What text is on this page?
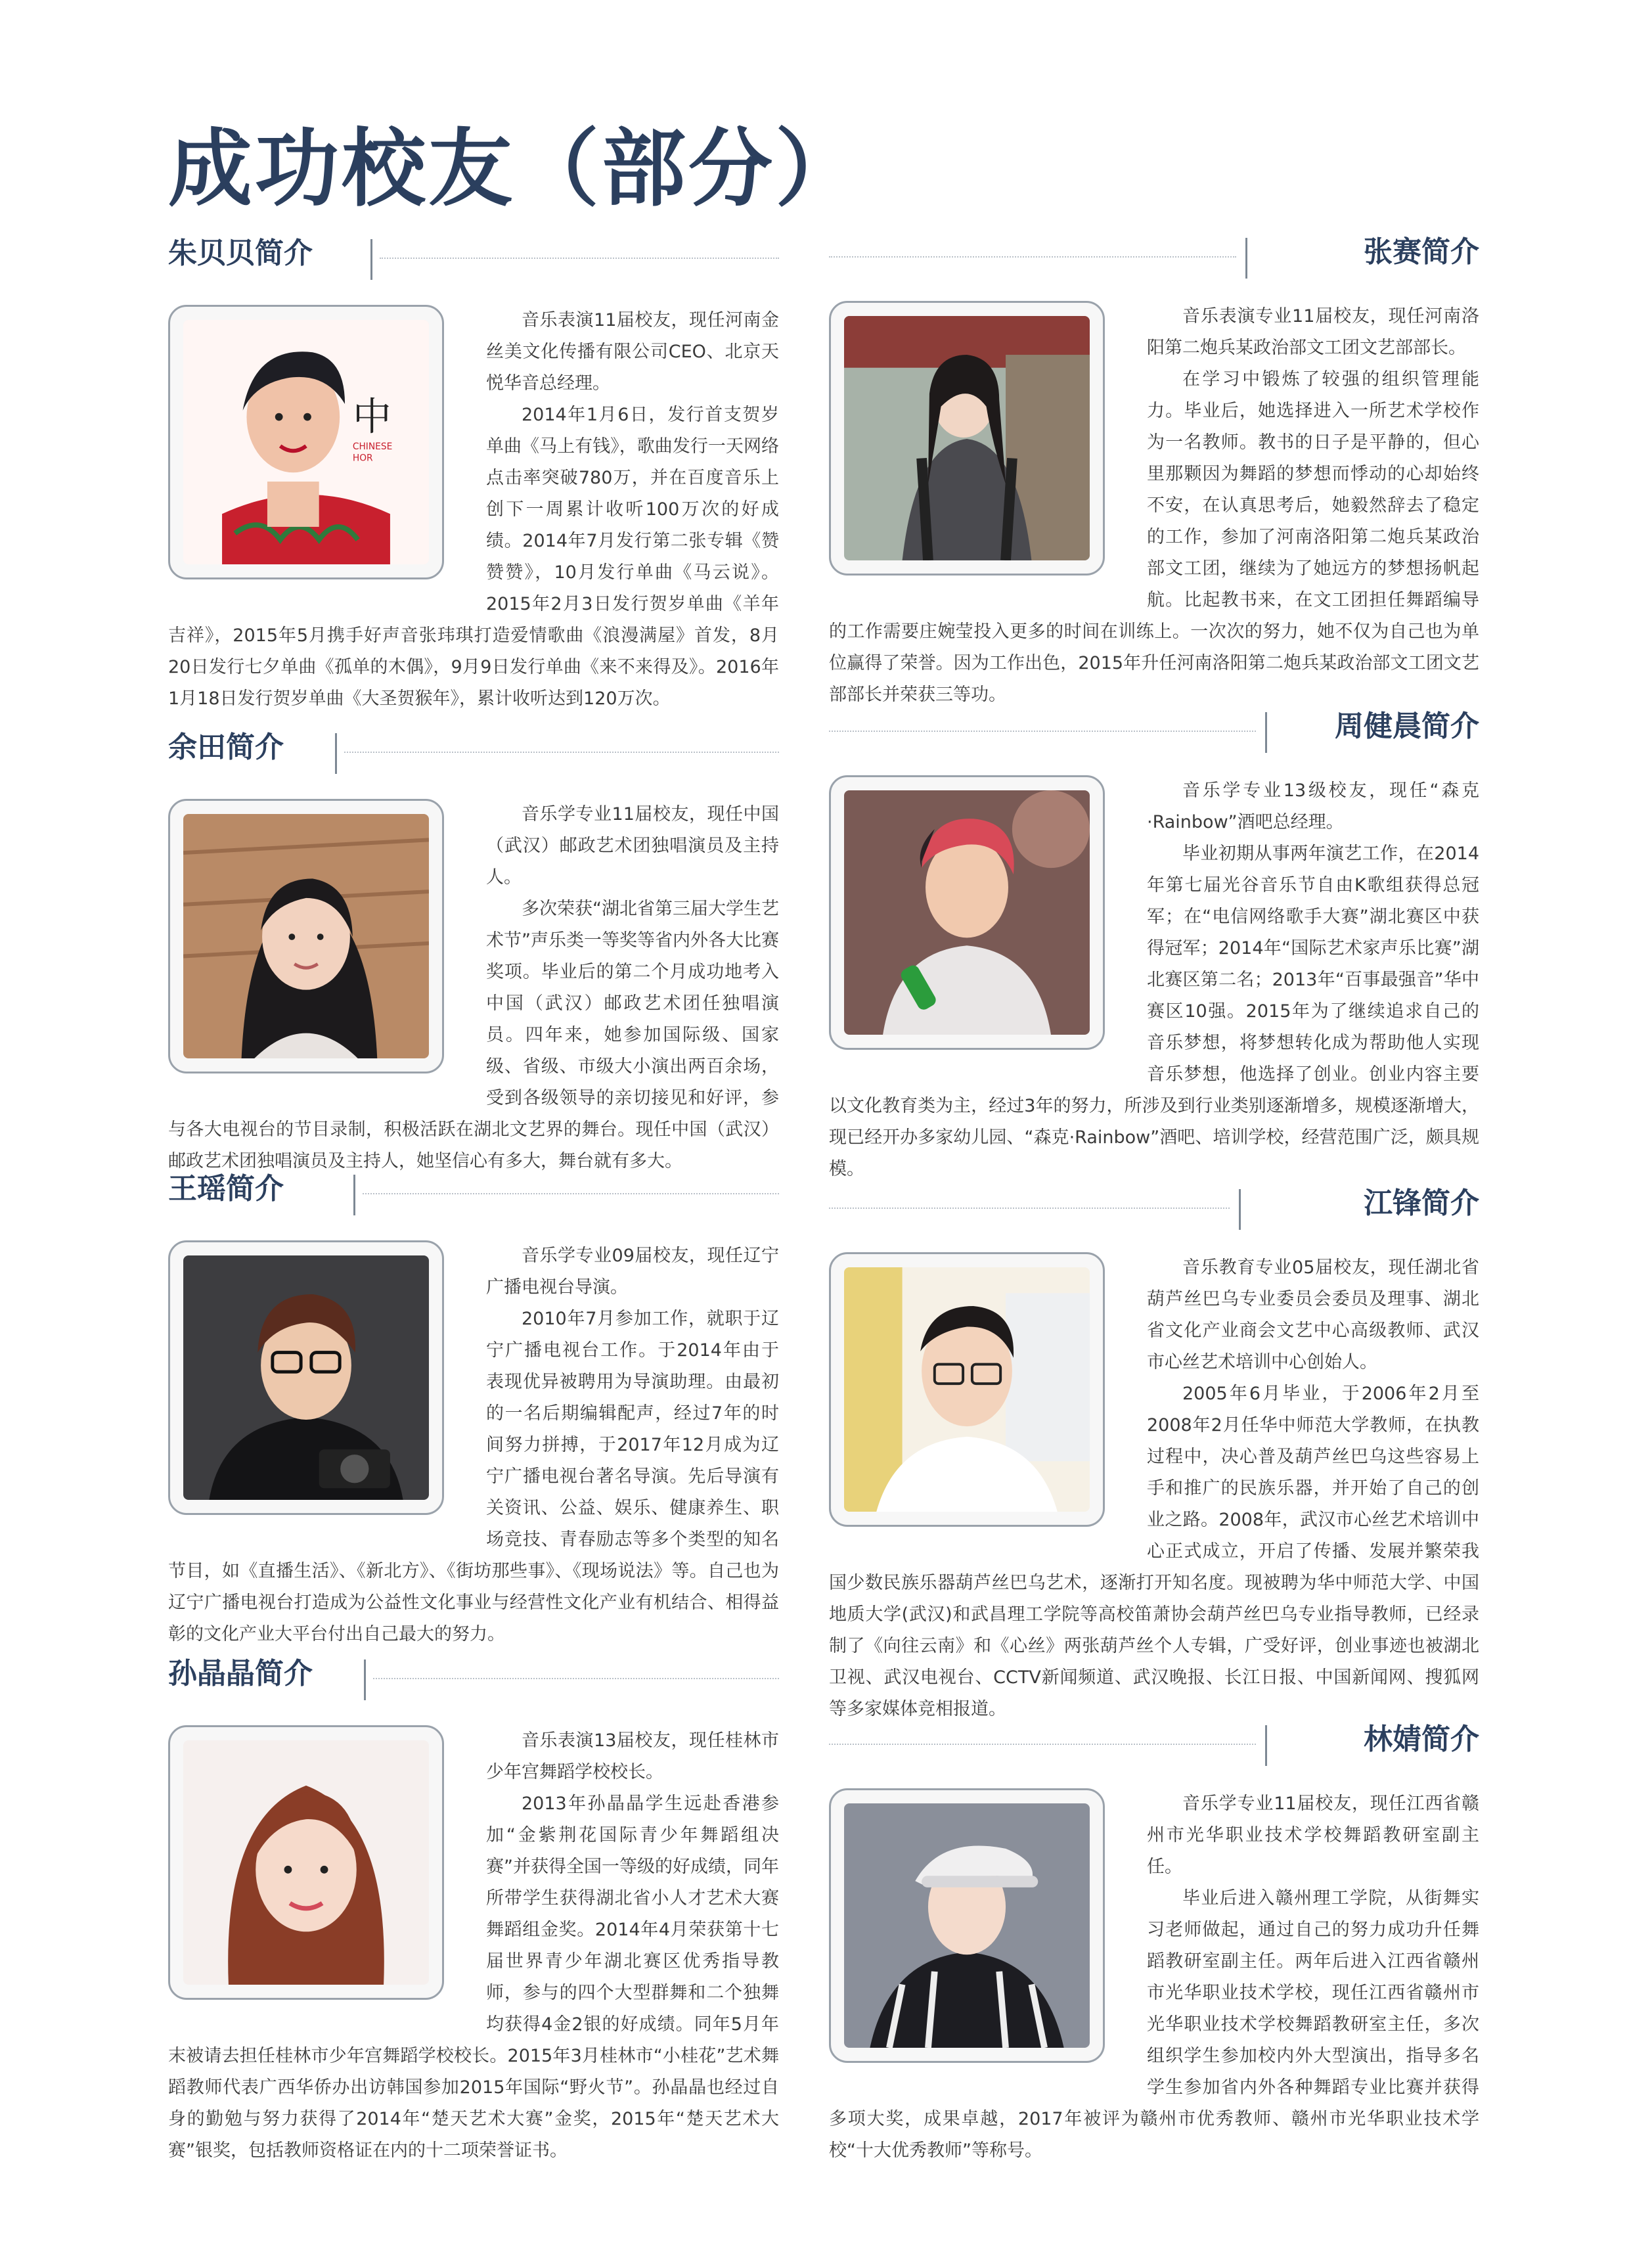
成功校友（部分）
朱贝贝简介
中
CHINESE
HOR

音乐表演11届校友，现任河南金丝美文化传播有限公司CEO、北京天悦华音总经理。

2014年1月6日，发行首支贺岁单曲《马上有钱》，歌曲发行一天网络点击率突破780万，并在百度音乐上创下一周累计收听100万次的好成绩。2014年7月发行第二张专辑《赞赞赞》，10月发行单曲《马云说》。2015年2月3日发行贺岁单曲《羊年吉祥》，2015年5月携手好声音张玮琪打造爱情歌曲《浪漫满屋》首发，8月20日发行七夕单曲《孤单的木偶》，9月9日发行单曲《来不来得及》。2016年1月18日发行贺岁单曲《大圣贺猴年》，累计收听达到120万次。

余田简介

音乐学专业11届校友，现任中国（武汉）邮政艺术团独唱演员及主持人。

多次荣获“湖北省第三届大学生艺术节”声乐类一等奖等省内外各大比赛奖项。毕业后的第二个月成功地考入中国（武汉）邮政艺术团任独唱演员。四年来，她参加国际级、国家级、省级、市级大小演出两百余场，受到各级领导的亲切接见和好评，参与各大电视台的节目录制，积极活跃在湖北文艺界的舞台。现任中国（武汉）邮政艺术团独唱演员及主持人，她坚信心有多大，舞台就有多大。

王瑶简介

音乐学专业09届校友，现任辽宁广播电视台导演。

2010年7月参加工作，就职于辽宁广播电视台工作。于2014年由于表现优异被聘用为导演助理。由最初的一名后期编辑配声，经过7年的时间努力拼搏，于2017年12月成为辽宁广播电视台著名导演。先后导演有关资讯、公益、娱乐、健康养生、职场竞技、青春励志等多个类型的知名节目，如《直播生活》、《新北方》、《街坊那些事》、《现场说法》等。自己也为辽宁广播电视台打造成为公益性文化事业与经营性文化产业有机结合、相得益彰的文化产业大平台付出自己最大的努力。

孙晶晶简介

音乐表演13届校友，现任桂林市少年宫舞蹈学校校长。

2013年孙晶晶学生远赴香港参加“金紫荆花国际青少年舞蹈组决赛”并获得全国一等级的好成绩，同年所带学生获得湖北省小人才艺术大赛舞蹈组金奖。2014年4月荣获第十七届世界青少年湖北赛区优秀指导教师，参与的四个大型群舞和二个独舞均获得4金2银的好成绩。同年5月年末被请去担任桂林市少年宫舞蹈学校校长。2015年3月桂林市“小桂花”艺术舞蹈教师代表广西华侨办出访韩国参加2015年国际“野火节”。孙晶晶也经过自身的勤勉与努力获得了2014年“楚天艺术大赛”金奖，2015年“楚天艺术大赛”银奖，包括教师资格证在内的十二项荣誉证书。

张赛简介

音乐表演专业11届校友，现任河南洛阳第二炮兵某政治部文工团文艺部部长。

在学习中锻炼了较强的组织管理能力。毕业后，她选择进入一所艺术学校作为一名教师。教书的日子是平静的，但心里那颗因为舞蹈的梦想而悸动的心却始终不安，在认真思考后，她毅然辞去了稳定的工作，参加了河南洛阳第二炮兵某政治部文工团，继续为了她远方的梦想扬帆起航。比起教书来，在文工团担任舞蹈编导的工作需要庄婉莹投入更多的时间在训练上。一次次的努力，她不仅为自己也为单位赢得了荣誉。因为工作出色，2015年升任河南洛阳第二炮兵某政治部文工团文艺部部长并荣获三等功。

周健晨简介

音乐学专业13级校友，现任“森克·Rainbow”酒吧总经理。

毕业初期从事两年演艺工作，在2014年第七届光谷音乐节自由K歌组获得总冠军；在“电信网络歌手大赛”湖北赛区中获得冠军；2014年“国际艺术家声乐比赛”湖北赛区第二名；2013年“百事最强音”华中赛区10强。2015年为了继续追求自己的音乐梦想，将梦想转化成为帮助他人实现音乐梦想，他选择了创业。创业内容主要以文化教育类为主，经过3年的努力，所涉及到行业类别逐渐增多，规模逐渐增大，现已经开办多家幼儿园、“森克·Rainbow”酒吧、培训学校，经营范围广泛，颇具规模。

江锋简介

音乐教育专业05届校友，现任湖北省葫芦丝巴乌专业委员会委员及理事、湖北省文化产业商会文艺中心高级教师、武汉市心丝艺术培训中心创始人。

2005年6月毕业，于2006年2月至2008年2月任华中师范大学教师，在执教过程中，决心普及葫芦丝巴乌这些容易上手和推广的民族乐器，并开始了自己的创业之路。2008年，武汉市心丝艺术培训中心正式成立，开启了传播、发展并繁荣我国少数民族乐器葫芦丝巴乌艺术，逐渐打开知名度。现被聘为华中师范大学、中国地质大学(武汉)和武昌理工学院等高校笛萧协会葫芦丝巴乌专业指导教师，已经录制了《向往云南》和《心丝》两张葫芦丝个人专辑，广受好评，创业事迹也被湖北卫视、武汉电视台、CCTV新闻频道、武汉晚报、长江日报、中国新闻网、搜狐网等多家媒体竞相报道。

林婧简介

音乐学专业11届校友，现任江西省赣州市光华职业技术学校舞蹈教研室副主任。

毕业后进入赣州理工学院，从街舞实习老师做起，通过自己的努力成功升任舞蹈教研室副主任。两年后进入江西省赣州市光华职业技术学校，现任江西省赣州市光华职业技术学校舞蹈教研室主任，多次组织学生参加校内外大型演出，指导多名学生参加省内外各种舞蹈专业比赛并获得多项大奖，成果卓越，2017年被评为赣州市优秀教师、赣州市光华职业技术学校“十大优秀教师”等称号。
